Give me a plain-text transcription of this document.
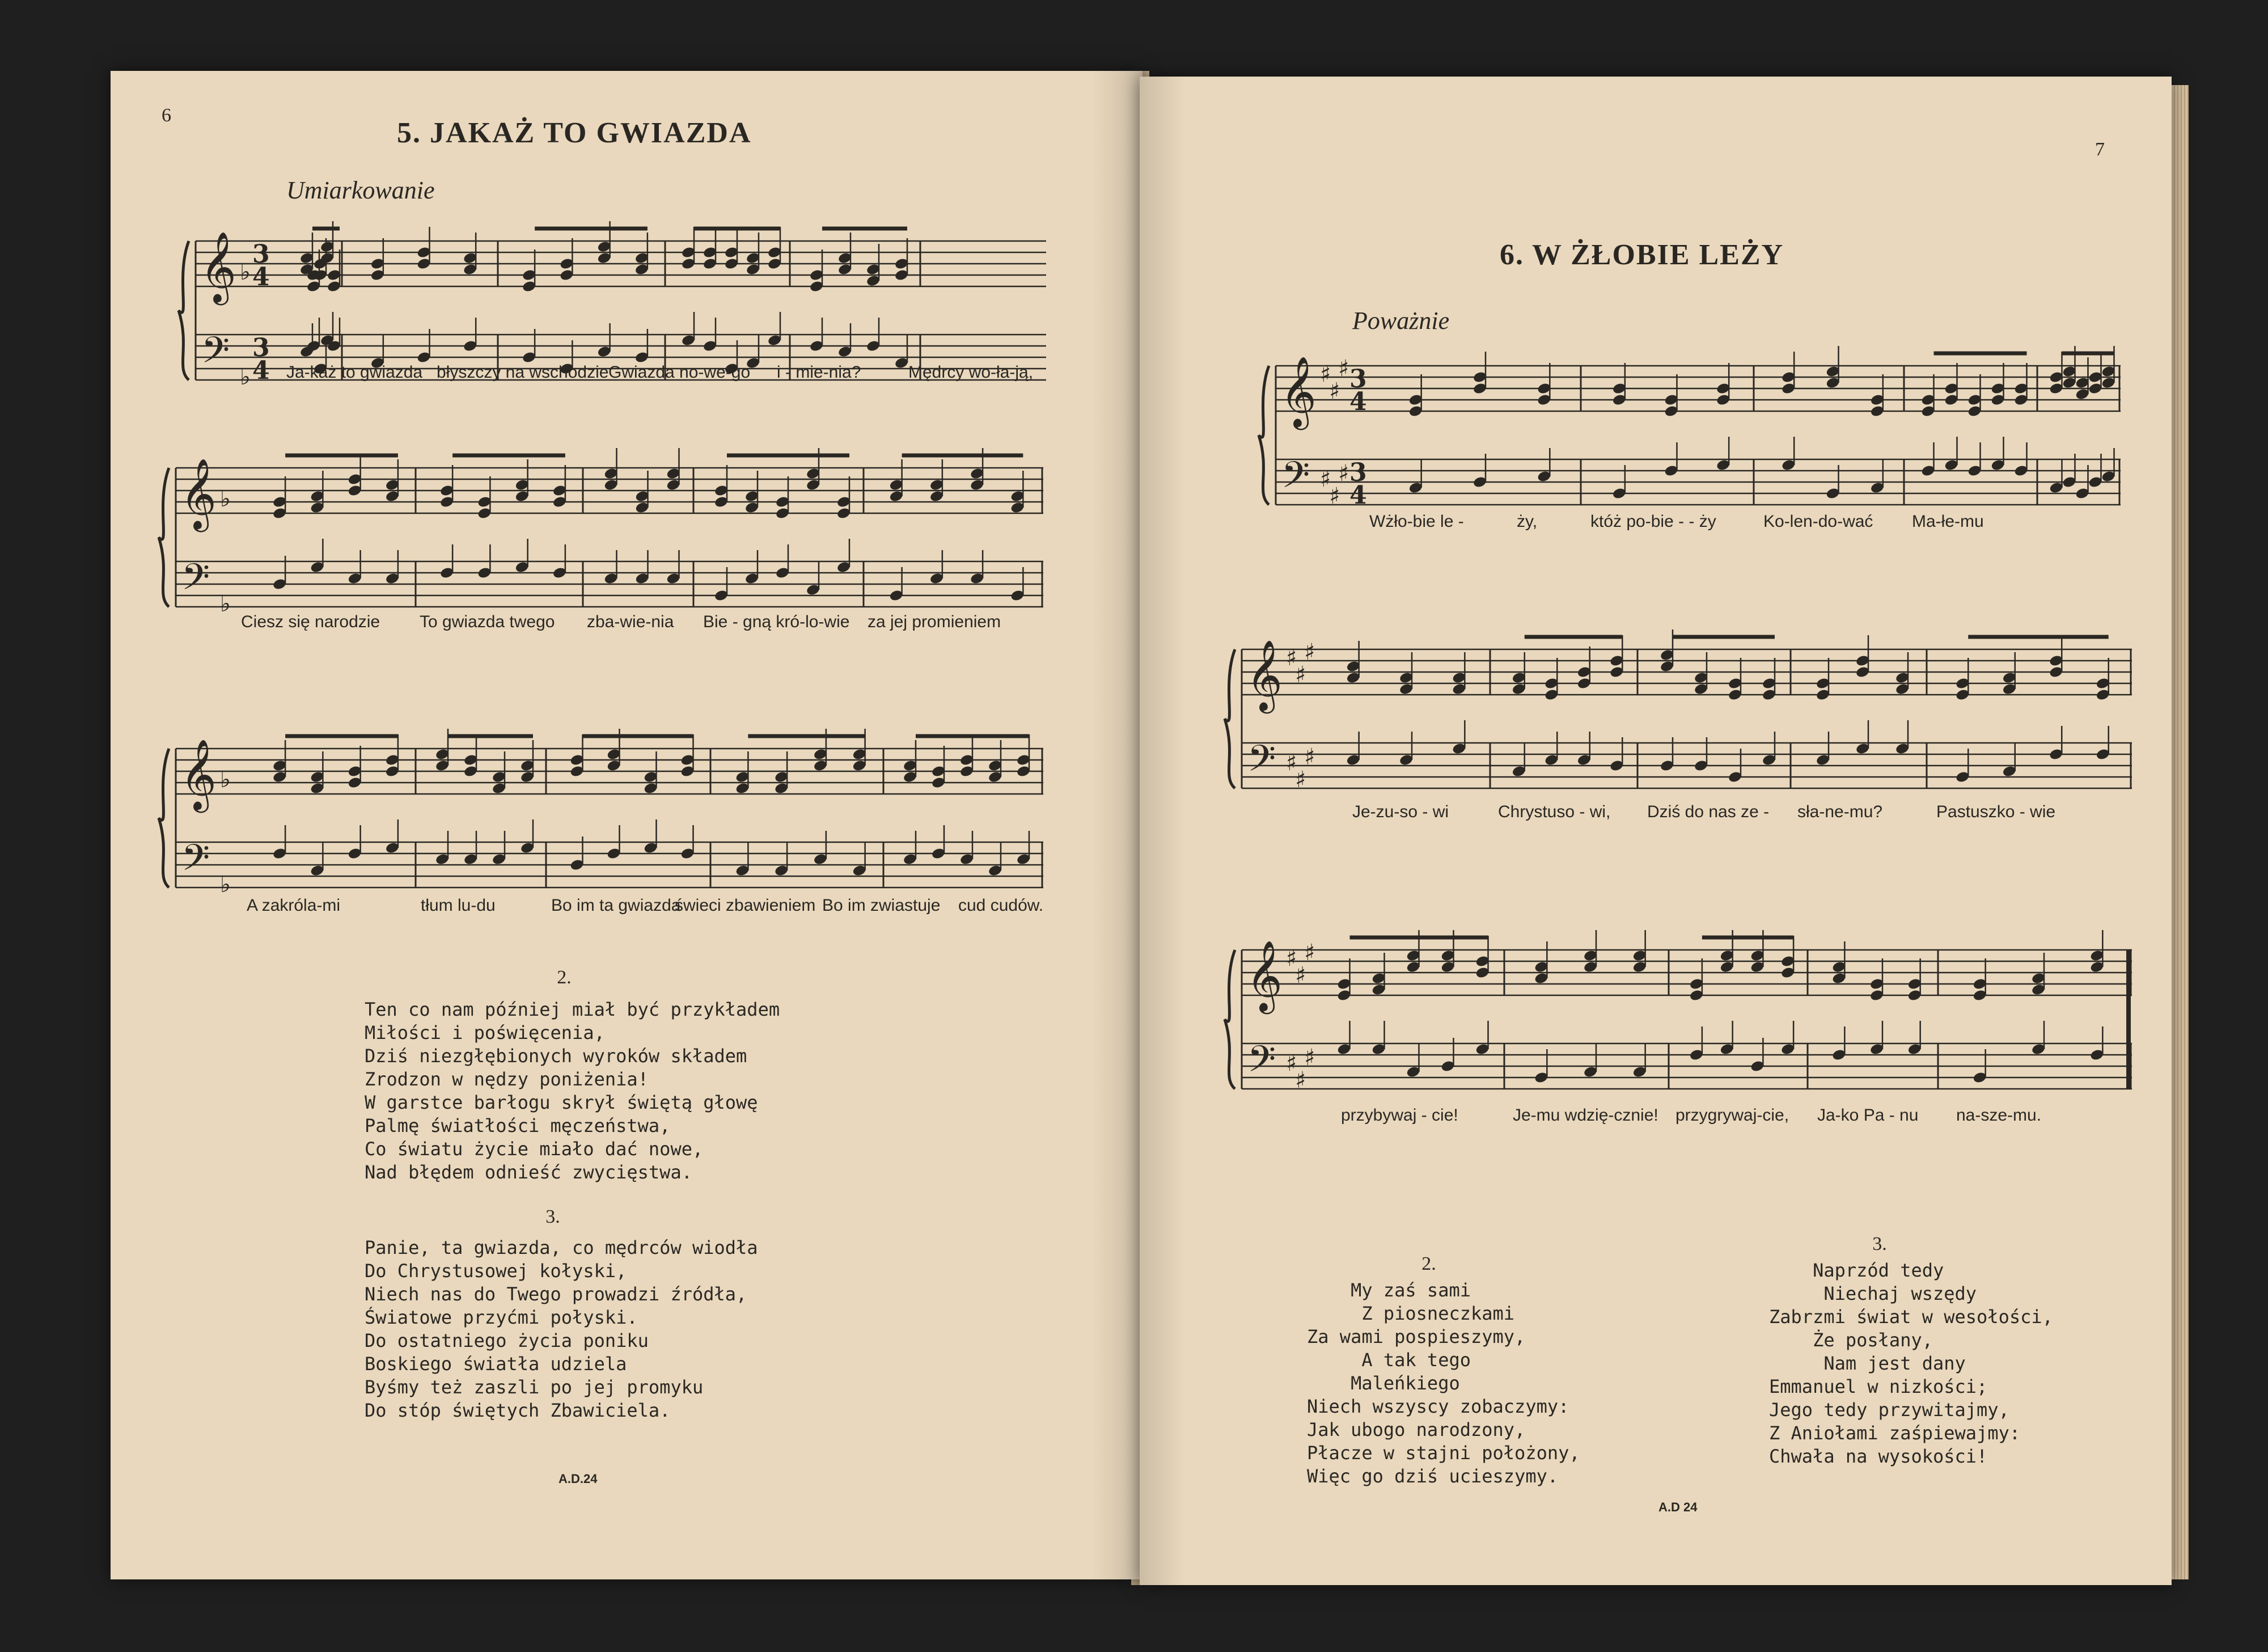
6
5. JAKAŻ TO GWIAZDA
Umiarkowanie
𝄞
𝄢
♭
♭
3
4
3
4 Ja-każ to gwiazda błyszczy na wschodzie Gwiazda no-we-go i - mie-nia?	Mędrcy wo-ła-ją,
𝄞
𝄢
♭
♭
Ciesz się narodzie To gwiazda twego zba-wie-nia Bie - gną kró-lo-wie za jej promieniem
𝄞
𝄢
♭
♭
A zakróla-mi	tłum lu-du	Bo im ta gwiazda
świeci zbawieniem Bo im zwiastuje cud cudów.
2.
Ten co nam później miał być przykładem
Miłości i poświęcenia,
Dziś niezgłębionych wyroków składem
Zrodzon w nędzy poniżenia!
W garstce barłogu skrył świętą głowę
Palmę światłości męczeństwa,
Co światu życie miało dać nowe,
Nad błędem odnieść zwycięstwa.
3.
Panie, ta gwiazda, co mędrców wiodła
Do Chrystusowej kołyski,
Niech nas do Twego prowadzi źródła,
Światowe przyćmi połyski.
Do ostatniego życia poniku
Boskiego światła udziela
Byśmy też zaszli po jej promyku
Do stóp świętych Zbawiciela.
A.D.24
7
6. W ŻŁOBIE LEŻY
Poważnie
𝄞
𝄢
♯
♯
♯
♯
♯
♯
3
4
3
4
Wżło-bie le -	ży,	któż po-bie - - ży	Ko-len-do-wać Ma-łe-mu
𝄞
𝄢
♯
♯
♯
♯
♯
♯
Je-zu-so - wi	Chrystuso - wi, Dziś do nas ze - sła-ne-mu?	Pastuszko - wie
𝄞
𝄢
♯
♯
♯
♯
♯
♯
przybywaj - cie!	Je-mu wdzię-cznie! przygrywaj-cie, Ja-ko Pa - nu na-sze-mu.
2.
My zaś sami
Z piosneczkami
Za wami pospieszymy,
A tak tego
Maleńkiego
Niech wszyscy zobaczymy:
Jak ubogo narodzony,
Płacze w stajni położony,
Więc go dziś ucieszymy.
3.
Naprzód tedy
Niechaj wszędy
Zabrzmi świat w wesołości,
Że posłany,
Nam jest dany
Emmanuel w nizkości;
Jego tedy przywitajmy,
Z Aniołami zaśpiewajmy:
Chwała na wysokości!
A.D 24
